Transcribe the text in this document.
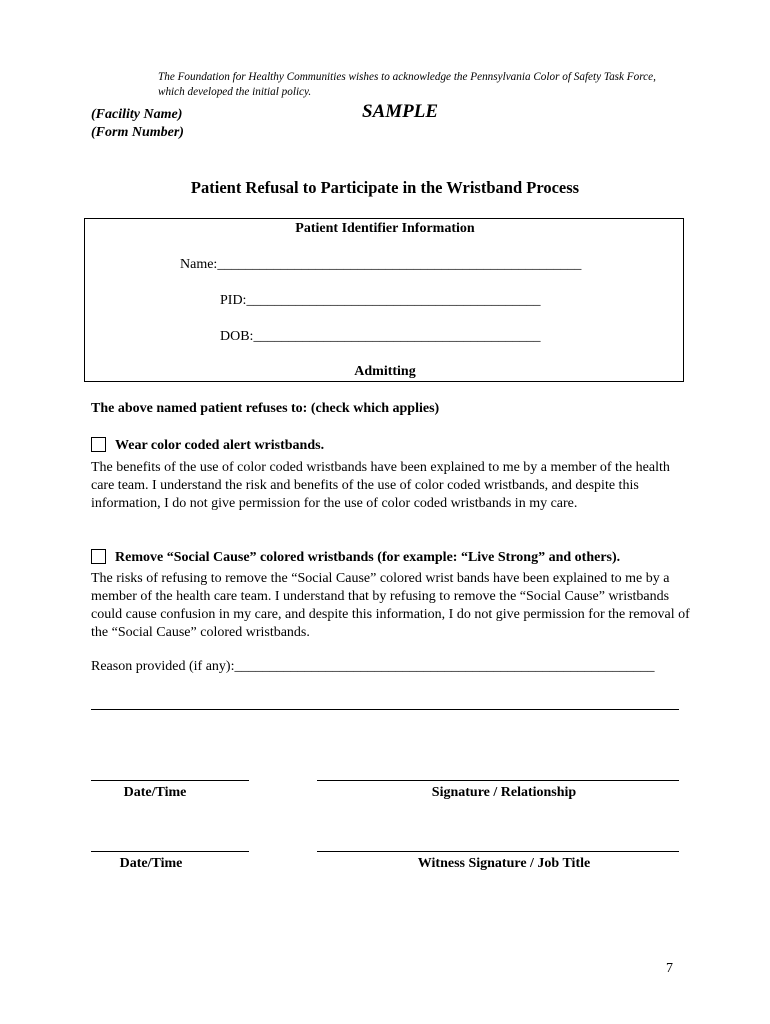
The Foundation for Healthy Communities wishes to acknowledge the Pennsylvania Color of Safety Task Force, which developed the initial policy.
(Facility Name)
(Form Number)
SAMPLE
Patient Refusal to Participate in the Wristband Process
Patient Identifier Information
Name:____________________________________________________
PID:__________________________________________
DOB:_________________________________________
Admitting
The above named patient refuses to: (check which applies)
Wear color coded alert wristbands.
The benefits of the use of color coded wristbands have been explained to me by a member of the health care team. I understand the risk and benefits of the use of color coded wristbands, and despite this information, I do not give permission for the use of color coded wristbands in my care.
Remove “Social Cause” colored wristbands (for example: “Live Strong” and others).
The risks of refusing to remove the “Social Cause” colored wrist bands have been explained to me by a member of the health care team. I understand that by refusing to remove the “Social Cause” wristbands could cause confusion in my care, and despite this information, I do not give permission for the removal of the “Social Cause” colored wristbands.
Reason provided (if any):____________________________________________________________
Date/Time	Signature / Relationship
Date/Time	Witness Signature / Job Title
7
